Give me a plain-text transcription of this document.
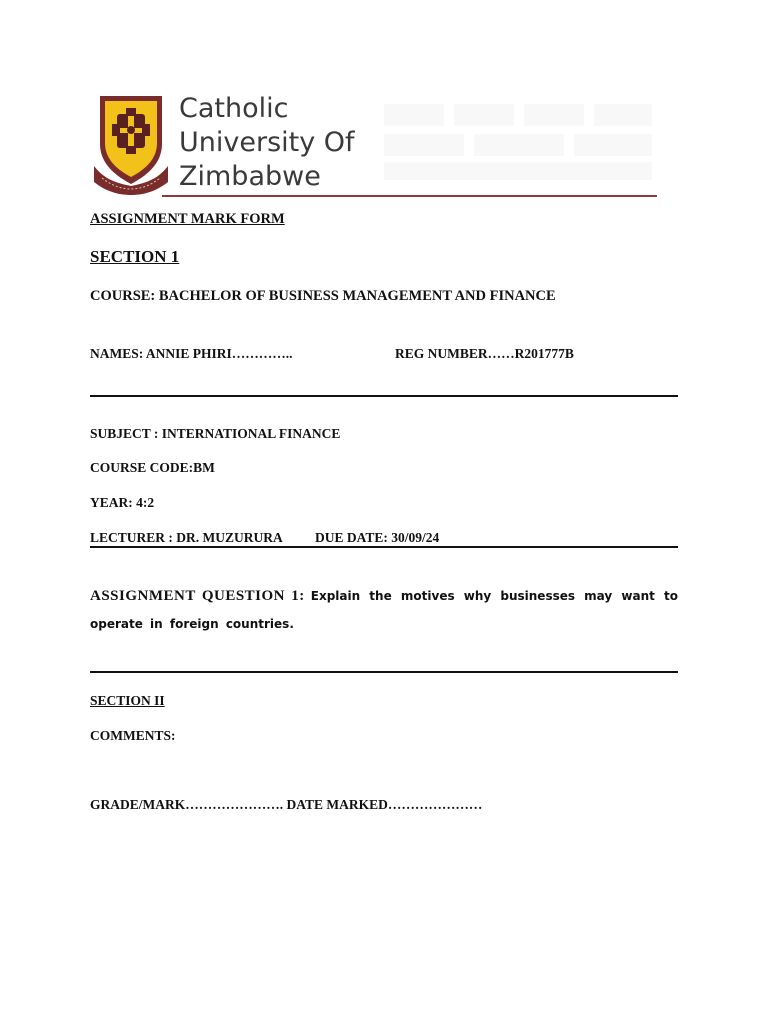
Catholic
University Of
Zimbabwe
ASSIGNMENT MARK FORM
SECTION 1
COURSE: BACHELOR OF BUSINESS MANAGEMENT AND FINANCE
NAMES: ANNIE PHIRI…………..	REG NUMBER……R201777B
SUBJECT : INTERNATIONAL FINANCE
COURSE CODE:BM
YEAR: 4:2
LECTURER : DR. MUZURURA DUE DATE: 30/09/24
ASSIGNMENT QUESTION 1: Explain the motives why businesses may want to operate in foreign countries.
SECTION II
COMMENTS:
GRADE/MARK…………………. DATE MARKED…………………
